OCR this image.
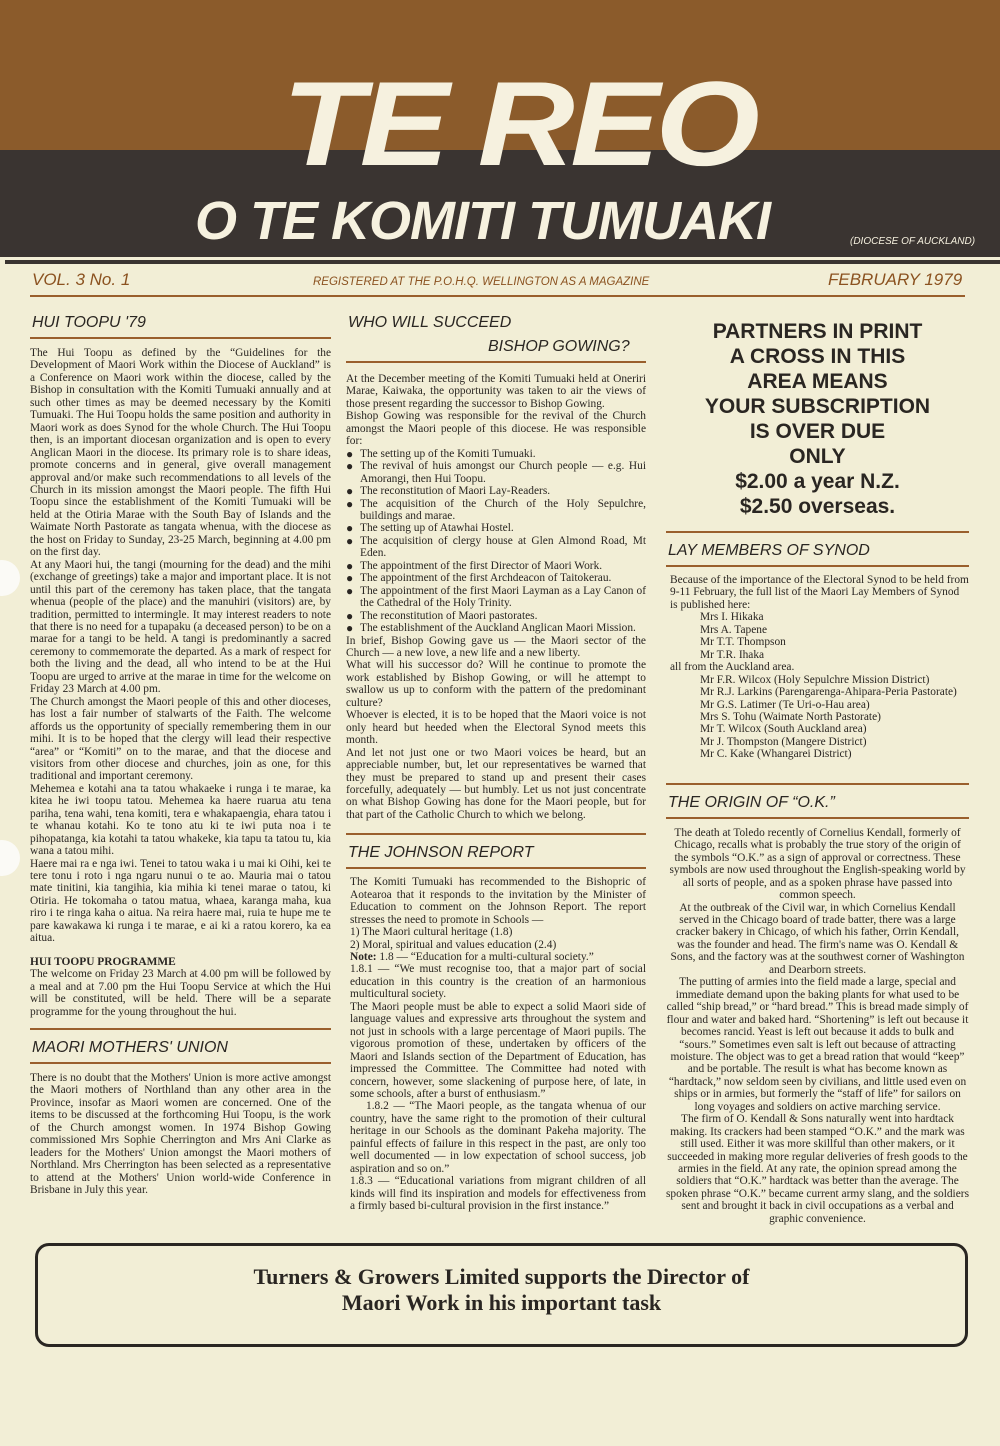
TE REO
O TE KOMITI TUMUAKI	(DIOCESE OF AUCKLAND)
VOL. 3 No. 1	REGISTERED AT THE P.O.H.Q. WELLINGTON AS A MAGAZINE	FEBRUARY 1979
HUI TOOPU '79

The Hui Toopu as defined by the “Guidelines for the Development of Maori Work within the Diocese of Auckland” is a Conference on Maori work within the diocese, called by the Bishop in consultation with the Komiti Tumuaki annually and at such other times as may be deemed necessary by the Komiti Tumuaki. The Hui Toopu holds the same position and authority in Maori work as does Synod for the whole Church. The Hui Toopu then, is an important diocesan organization and is open to every Anglican Maori in the diocese. Its primary role is to share ideas, promote concerns and in general, give overall management approval and/or make such recommendations to all levels of the Church in its mission amongst the Maori people. The fifth Hui Toopu since the establishment of the Komiti Tumuaki will be held at the Otiria Marae with the South Bay of Islands and the Waimate North Pastorate as tangata whenua, with the diocese as the host on Friday to Sunday, 23-25 March, beginning at 4.00 pm on the first day.

At any Maori hui, the tangi (mourning for the dead) and the mihi (exchange of greetings) take a major and important place. It is not until this part of the ceremony has taken place, that the tangata whenua (people of the place) and the manuhiri (visitors) are, by tradition, permitted to intermingle. It may interest readers to note that there is no need for a tupapaku (a deceased person) to be on a marae for a tangi to be held. A tangi is predominantly a sacred ceremony to commemorate the departed. As a mark of respect for both the living and the dead, all who intend to be at the Hui Toopu are urged to arrive at the marae in time for the welcome on Friday 23 March at 4.00 pm.

The Church amongst the Maori people of this and other dioceses, has lost a fair number of stalwarts of the Faith. The welcome affords us the opportunity of specially remembering them in our mihi. It is to be hoped that the clergy will lead their respective “area” or “Komiti” on to the marae, and that the diocese and visitors from other diocese and churches, join as one, for this traditional and important ceremony.

Mehemea e kotahi ana ta tatou whakaeke i runga i te marae, ka kitea he iwi toopu tatou. Mehemea ka haere ruarua atu tena pariha, tena wahi, tena komiti, tera e whakapaengia, ehara tatou i te whanau kotahi. Ko te tono atu ki te iwi puta noa i te pihopatanga, kia kotahi ta tatou whakeke, kia tapu ta tatou tu, kia wana a tatou mihi.

Haere mai ra e nga iwi. Tenei to tatou waka i u mai ki Oihi, kei te tere tonu i roto i nga ngaru nunui o te ao. Mauria mai o tatou mate tinitini, kia tangihia, kia mihia ki tenei marae o tatou, ki Otiria. He tokomaha o tatou matua, whaea, karanga maha, kua riro i te ringa kaha o aitua. Na reira haere mai, ruia te hupe me te pare kawakawa ki runga i te marae, e ai ki a ratou korero, ka ea aitua.

HUI TOOPU PROGRAMME

The welcome on Friday 23 March at 4.00 pm will be followed by a meal and at 7.00 pm the Hui Toopu Service at which the Hui will be constituted, will be held. There will be a separate programme for the young throughout the hui.

MAORI MOTHERS' UNION

There is no doubt that the Mothers' Union is more active amongst the Maori mothers of Northland than any other area in the Province, insofar as Maori women are concerned. One of the items to be discussed at the forthcoming Hui Toopu, is the work of the Church amongst women. In 1974 Bishop Gowing commissioned Mrs Sophie Cherrington and Mrs Ani Clarke as leaders for the Mothers' Union amongst the Maori mothers of Northland. Mrs Cherrington has been selected as a representative to attend at the Mothers' Union world-wide Conference in Brisbane in July this year.

WHO WILL SUCCEED
BISHOP GOWING?

At the December meeting of the Komiti Tumuaki held at Oneriri Marae, Kaiwaka, the opportunity was taken to air the views of those present regarding the successor to Bishop Gowing.

Bishop Gowing was responsible for the revival of the Church amongst the Maori people of this diocese. He was responsible for:

● The setting up of the Komiti Tumuaki.
● The revival of huis amongst our Church people — e.g. Hui Amorangi, then Hui Toopu.
● The reconstitution of Maori Lay-Readers.
● The acquisition of the Church of the Holy Sepulchre, buildings and marae.
● The setting up of Atawhai Hostel.
● The acquisition of clergy house at Glen Almond Road, Mt Eden.
● The appointment of the first Director of Maori Work.
● The appointment of the first Archdeacon of Taitokerau.
● The appointment of the first Maori Layman as a Lay Canon of the Cathedral of the Holy Trinity.
● The reconstitution of Maori pastorates.
● The establishment of the Auckland Anglican Maori Mission.

In brief, Bishop Gowing gave us — the Maori sector of the Church — a new love, a new life and a new liberty.

What will his successor do? Will he continue to promote the work established by Bishop Gowing, or will he attempt to swallow us up to conform with the pattern of the predominant culture?

Whoever is elected, it is to be hoped that the Maori voice is not only heard but heeded when the Electoral Synod meets this month.

And let not just one or two Maori voices be heard, but an appreciable number, but, let our representatives be warned that they must be prepared to stand up and present their cases forcefully, adequately — but humbly. Let us not just concentrate on what Bishop Gowing has done for the Maori people, but for that part of the Catholic Church to which we belong.

THE JOHNSON REPORT

The Komiti Tumuaki has recommended to the Bishopric of Aotearoa that it responds to the invitation by the Minister of Education to comment on the Johnson Report. The report stresses the need to promote in Schools —

1) The Maori cultural heritage (1.8)

2) Moral, spiritual and values education (2.4)

Note: 1.8 — “Education for a multi-cultural society.”

1.8.1 — “We must recognise too, that a major part of social education in this country is the creation of an harmonious multicultural society.

The Maori people must be able to expect a solid Maori side of language values and expressive arts throughout the system and not just in schools with a large percentage of Maori pupils. The vigorous promotion of these, undertaken by officers of the Maori and Islands section of the Department of Education, has impressed the Committee. The Committee had noted with concern, however, some slackening of purpose here, of late, in some schools, after a burst of enthusiasm.”

1.8.2 — “The Maori people, as the tangata whenua of our country, have the same right to the promotion of their cultural heritage in our Schools as the dominant Pakeha majority. The painful effects of failure in this respect in the past, are only too well documented — in low expectation of school success, job aspiration and so on.”

1.8.3 — “Educational variations from migrant children of all kinds will find its inspiration and models for effectiveness from a firmly based bi-cultural provision in the first instance.”

PARTNERS IN PRINT
A CROSS IN THIS
AREA MEANS
YOUR SUBSCRIPTION
IS OVER DUE
ONLY
$2.00 a year N.Z.
$2.50 overseas.
LAY MEMBERS OF SYNOD

Because of the importance of the Electoral Synod to be held from 9-11 February, the full list of the Maori Lay Members of Synod is published here:

Mrs I. Hikaka

Mrs A. Tapene

Mr T.T. Thompson

Mr T.R. Ihaka

all from the Auckland area.

Mr F.R. Wilcox (Holy Sepulchre Mission District)

Mr R.J. Larkins (Parengarenga-Ahipara-Peria Pastorate)

Mr G.S. Latimer (Te Uri-o-Hau area)

Mrs S. Tohu (Waimate North Pastorate)

Mr T. Wilcox (South Auckland area)

Mr J. Thompston (Mangere District)

Mr C. Kake (Whangarei District)

THE ORIGIN OF “O.K.”

The death at Toledo recently of Cornelius Kendall, formerly of Chicago, recalls what is probably the true story of the origin of the symbols “O.K.” as a sign of approval or correctness. These symbols are now used throughout the English-speaking world by all sorts of people, and as a spoken phrase have passed into common speech.

At the outbreak of the Civil war, in which Cornelius Kendall served in the Chicago board of trade batter, there was a large cracker bakery in Chicago, of which his father, Orrin Kendall, was the founder and head. The firm's name was O. Kendall & Sons, and the factory was at the southwest corner of Washington and Dearborn streets.

The putting of armies into the field made a large, special and immediate demand upon the baking plants for what used to be called “ship bread,” or “hard bread.” This is bread made simply of flour and water and baked hard. “Shortening” is left out because it becomes rancid. Yeast is left out because it adds to bulk and “sours.” Sometimes even salt is left out because of attracting moisture. The object was to get a bread ration that would “keep” and be portable. The result is what has become known as “hardtack,” now seldom seen by civilians, and little used even on ships or in armies, but formerly the “staff of life” for sailors on long voyages and soldiers on active marching service.

The firm of O. Kendall & Sons naturally went into hardtack making. Its crackers had been stamped “O.K.” and the mark was still used. Either it was more skillful than other makers, or it succeeded in making more regular deliveries of fresh goods to the armies in the field. At any rate, the opinion spread among the soldiers that “O.K.” hardtack was better than the average. The spoken phrase “O.K.” became current army slang, and the soldiers sent and brought it back in civil occupations as a verbal and graphic convenience.

Turners & Growers Limited supports the Director of
Maori Work in his important task
